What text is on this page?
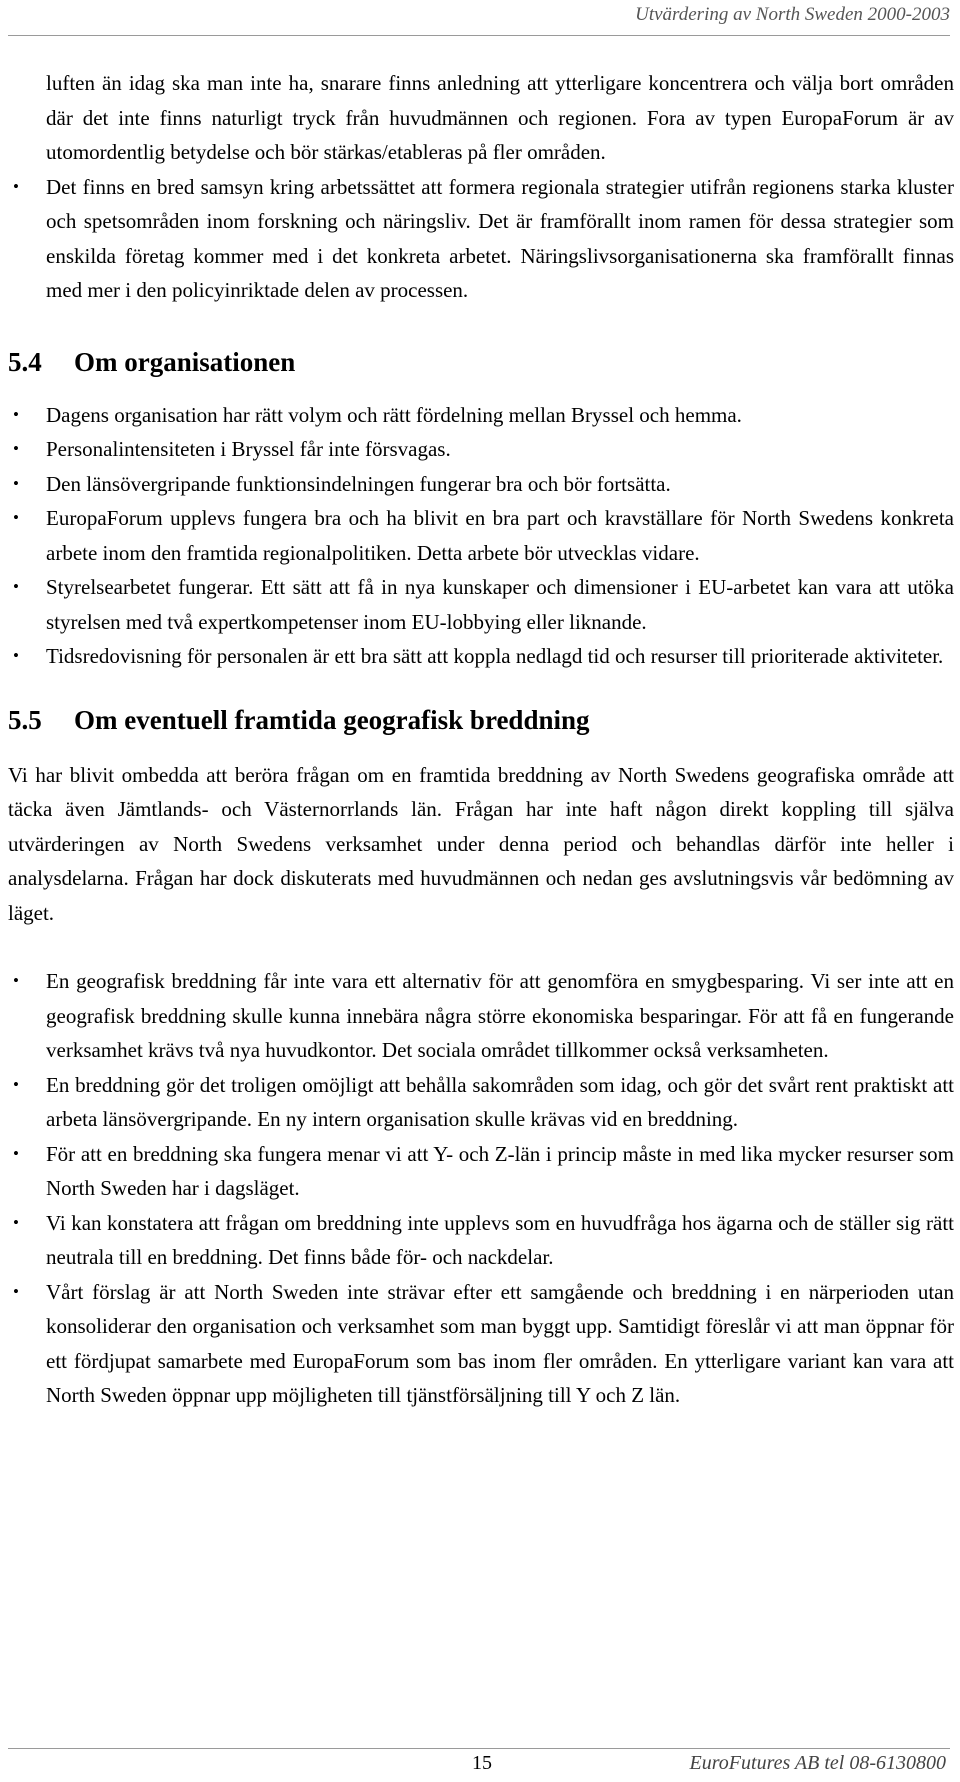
Utvärdering av North Sweden 2000-2003

luften än idag ska man inte ha, snarare finns anledning att ytterligare koncentrera och välja bort områden där det inte finns naturligt tryck från huvudmännen och regionen. Fora av typen EuropaForum är av utomordentlig betydelse och bör stärkas/etableras på fler områden.

• Det finns en bred samsyn kring arbetssättet att formera regionala strategier utifrån regionens starka kluster och spetsområden inom forskning och näringsliv. Det är framförallt inom ramen för dessa strategier som enskilda företag kommer med i det konkreta arbetet. Näringslivsorganisationerna ska framförallt finnas med mer i den policyinriktade delen av processen.
5.4 Om organisationen
• Dagens organisation har rätt volym och rätt fördelning mellan Bryssel och hemma.
• Personalintensiteten i Bryssel får inte försvagas.
• Den länsövergripande funktionsindelningen fungerar bra och bör fortsätta.
• EuropaForum upplevs fungera bra och ha blivit en bra part och kravställare för North Swedens konkreta arbete inom den framtida regionalpolitiken. Detta arbete bör utvecklas vidare.
• Styrelsearbetet fungerar. Ett sätt att få in nya kunskaper och dimensioner i EU-arbetet kan vara att utöka styrelsen med två expertkompetenser inom EU-lobbying eller liknande.
• Tidsredovisning för personalen är ett bra sätt att koppla nedlagd tid och resurser till prioriterade aktiviteter.
5.5 Om eventuell framtida geografisk breddning

Vi har blivit ombedda att beröra frågan om en framtida breddning av North Swedens geografiska område att täcka även Jämtlands- och Västernorrlands län. Frågan har inte haft någon direkt koppling till själva utvärderingen av North Swedens verksamhet under denna period och behandlas därför inte heller i analysdelarna. Frågan har dock diskuterats med huvudmännen och nedan ges avslutningsvis vår bedömning av läget.

• En geografisk breddning får inte vara ett alternativ för att genomföra en smygbesparing. Vi ser inte att en geografisk breddning skulle kunna innebära några större ekonomiska besparingar. För att få en fungerande verksamhet krävs två nya huvudkontor. Det sociala området tillkommer också verksamheten.
• En breddning gör det troligen omöjligt att behålla sakområden som idag, och gör det svårt rent praktiskt att arbeta länsövergripande. En ny intern organisation skulle krävas vid en breddning.
• För att en breddning ska fungera menar vi att Y- och Z-län i princip måste in med lika mycker resurser som North Sweden har i dagsläget.
• Vi kan konstatera att frågan om breddning inte upplevs som en huvudfråga hos ägarna och de ställer sig rätt neutrala till en breddning. Det finns både för- och nackdelar.
• Vårt förslag är att North Sweden inte strävar efter ett samgående och breddning i en närperioden utan konsoliderar den organisation och verksamhet som man byggt upp. Samtidigt föreslår vi att man öppnar för ett fördjupat samarbete med EuropaForum som bas inom fler områden. En ytterligare variant kan vara att North Sweden öppnar upp möjligheten till tjänstförsäljning till Y och Z län.
15	EuroFutures AB tel 08-6130800
